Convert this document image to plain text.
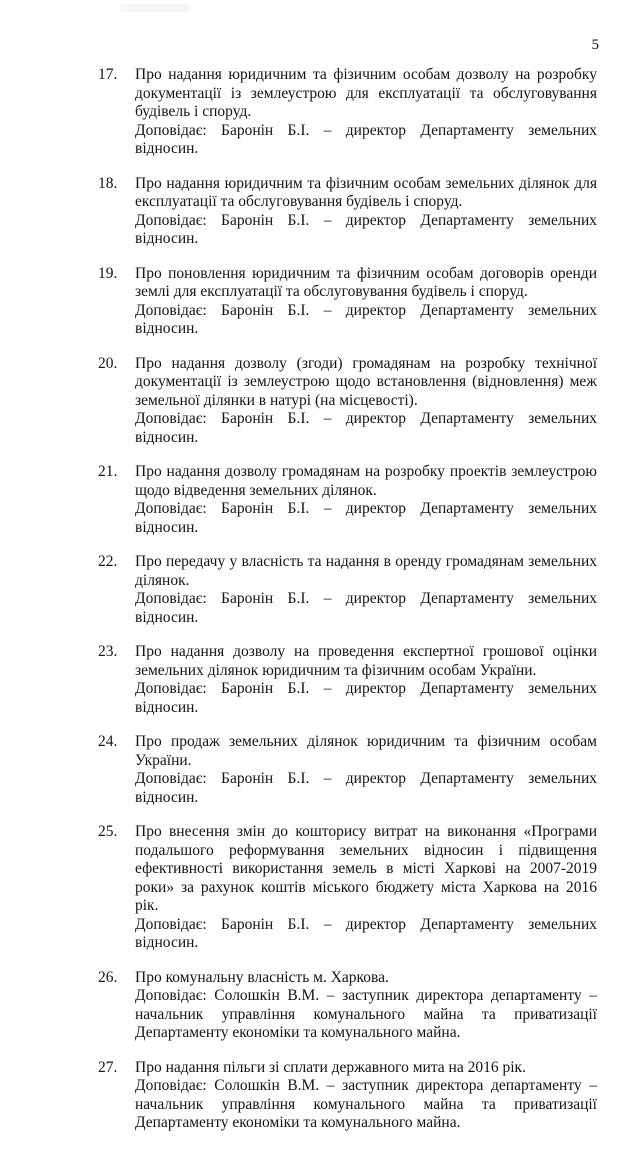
5
17. Про надання юридичним та фізичним особам дозволу на розробку документації із землеустрою для експлуатації та обслуговування будівель і споруд.
Доповідає: Баронін Б.І. – директор Департаменту земельних відносин.
18. Про надання юридичним та фізичним особам земельних ділянок для експлуатації та обслуговування будівель і споруд.
Доповідає: Баронін Б.І. – директор Департаменту земельних відносин.
19. Про поновлення юридичним та фізичним особам договорів оренди землі для експлуатації та обслуговування будівель і споруд.
Доповідає: Баронін Б.І. – директор Департаменту земельних відносин.
20. Про надання дозволу (згоди) громадянам на розробку технічної документації із землеустрою щодо встановлення (відновлення) меж земельної ділянки в натурі (на місцевості).
Доповідає: Баронін Б.І. – директор Департаменту земельних відносин.
21. Про надання дозволу громадянам на розробку проектів землеустрою щодо відведення земельних ділянок.
Доповідає: Баронін Б.І. – директор Департаменту земельних відносин.
22. Про передачу у власність та надання в оренду громадянам земельних ділянок.
Доповідає: Баронін Б.І. – директор Департаменту земельних відносин.
23. Про надання дозволу на проведення експертної грошової оцінки земельних ділянок юридичним та фізичним особам України.
Доповідає: Баронін Б.І. – директор Департаменту земельних відносин.
24. Про продаж земельних ділянок юридичним та фізичним особам України.
Доповідає: Баронін Б.І. – директор Департаменту земельних відносин.
25. Про внесення змін до кошторису витрат на виконання «Програми подальшого реформування земельних відносин і підвищення ефективності використання земель в місті Харкові на 2007-2019 роки» за рахунок коштів міського бюджету міста Харкова на 2016 рік.
Доповідає: Баронін Б.І. – директор Департаменту земельних відносин.
26. Про комунальну власність м. Харкова.
Доповідає: Солошкін В.М. – заступник директора департаменту – начальник управління комунального майна та приватизації Департаменту економіки та комунального майна.
27. Про надання пільги зі сплати державного мита на 2016 рік.
Доповідає: Солошкін В.М. – заступник директора департаменту – начальник управління комунального майна та приватизації Департаменту економіки та комунального майна.
